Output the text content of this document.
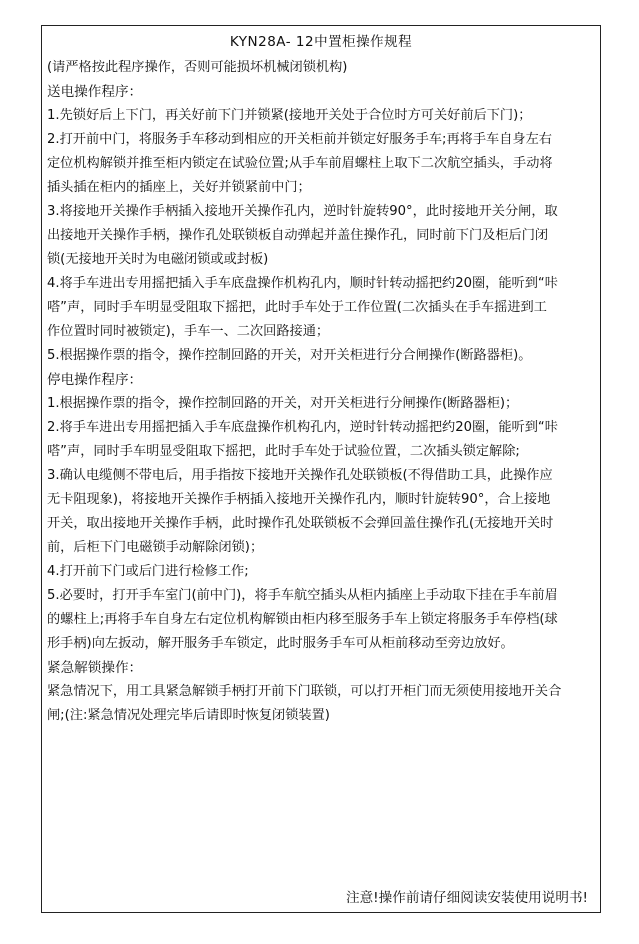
KYN28A- 12中置柜操作规程
(请严格按此程序操作，否则可能损坏机械闭锁机构)
送电操作程序：
1.先锁好后上下门，再关好前下门并锁紧(接地开关处于合位时方可关好前后下门)；
2.打开前中门，将服务手车移动到相应的开关柜前并锁定好服务手车;再将手车自身左右
定位机构解锁并推至柜内锁定在试验位置;从手车前眉螺柱上取下二次航空插头，手动将
插头插在柜内的插座上，关好并锁紧前中门；
3.将接地开关操作手柄插入接地开关操作孔内，逆时针旋转90°，此时接地开关分闸，取
出接地开关操作手柄，操作孔处联锁板自动弹起并盖住操作孔，同时前下门及柜后门闭
锁(无接地开关时为电磁闭锁或或封板)
4.将手车进出专用摇把插入手车底盘操作机构孔内，顺时针转动摇把约20圈，能听到“咔
嗒”声，同时手车明显受阻取下摇把，此时手车处于工作位置(二次插头在手车摇进到工
作位置时同时被锁定)，手车一、二次回路接通；
5.根据操作票的指令，操作控制回路的开关，对开关柜进行分合闸操作(断路器柜)。
停电操作程序：
1.根据操作票的指令，操作控制回路的开关，对开关柜进行分闸操作(断路器柜)；
2.将手车进出专用摇把插入手车底盘操作机构孔内，逆时针转动摇把约20圈，能听到“咔
嗒”声，同时手车明显受阻取下摇把，此时手车处于试验位置，二次插头锁定解除;
3.确认电缆侧不带电后，用手指按下接地开关操作孔处联锁板(不得借助工具，此操作应
无卡阻现象)，将接地开关操作手柄插入接地开关操作孔内，顺时针旋转90°，合上接地
开关，取出接地开关操作手柄，此时操作孔处联锁板不会弹回盖住操作孔(无接地开关时
前，后柜下门电磁锁手动解除闭锁)；
4.打开前下门或后门进行检修工作;
5.必要时，打开手车室门(前中门)，将手车航空插头从柜内插座上手动取下挂在手车前眉
的螺柱上;再将手车自身左右定位机构解锁由柜内移至服务手车上锁定将服务手车停档(球
形手柄)向左扳动，解开服务手车锁定，此时服务手车可从柜前移动至旁边放好。
紧急解锁操作：
紧急情况下，用工具紧急解锁手柄打开前下门联锁，可以打开柜门而无须使用接地开关合
闸;(注:紧急情况处理完毕后请即时恢复闭锁装置)
注意!操作前请仔细阅读安装使用说明书!
